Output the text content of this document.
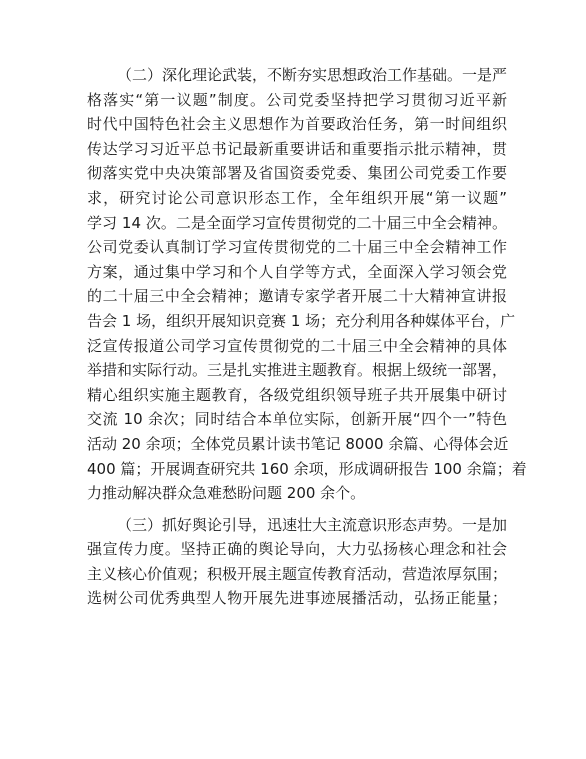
（二）深化理论武装，不断夯实思想政治工作基础。一是严
格落实“第一议题”制度。公司党委坚持把学习贯彻习近平新
时代中国特色社会主义思想作为首要政治任务，第一时间组织
传达学习习近平总书记最新重要讲话和重要指示批示精神，贯
彻落实党中央决策部署及省国资委党委、集团公司党委工作要
求，研究讨论公司意识形态工作，全年组织开展“第一议题”
学习 14 次。二是全面学习宣传贯彻党的二十届三中全会精神。
公司党委认真制订学习宣传贯彻党的二十届三中全会精神工作
方案，通过集中学习和个人自学等方式，全面深入学习领会党
的二十届三中全会精神；邀请专家学者开展二十大精神宣讲报
告会 1 场，组织开展知识竞赛 1 场；充分利用各种媒体平台，广
泛宣传报道公司学习宣传贯彻党的二十届三中全会精神的具体
举措和实际行动。三是扎实推进主题教育。根据上级统一部署，
精心组织实施主题教育，各级党组织领导班子共开展集中研讨
交流 10 余次；同时结合本单位实际，创新开展“四个一”特色
活动 20 余项；全体党员累计读书笔记 8000 余篇、心得体会近
400 篇；开展调查研究共 160 余项，形成调研报告 100 余篇；着
力推动解决群众急难愁盼问题 200 余个。
（三）抓好舆论引导，迅速壮大主流意识形态声势。一是加
强宣传力度。坚持正确的舆论导向，大力弘扬核心理念和社会
主义核心价值观；积极开展主题宣传教育活动，营造浓厚氛围；
选树公司优秀典型人物开展先进事迹展播活动，弘扬正能量；
